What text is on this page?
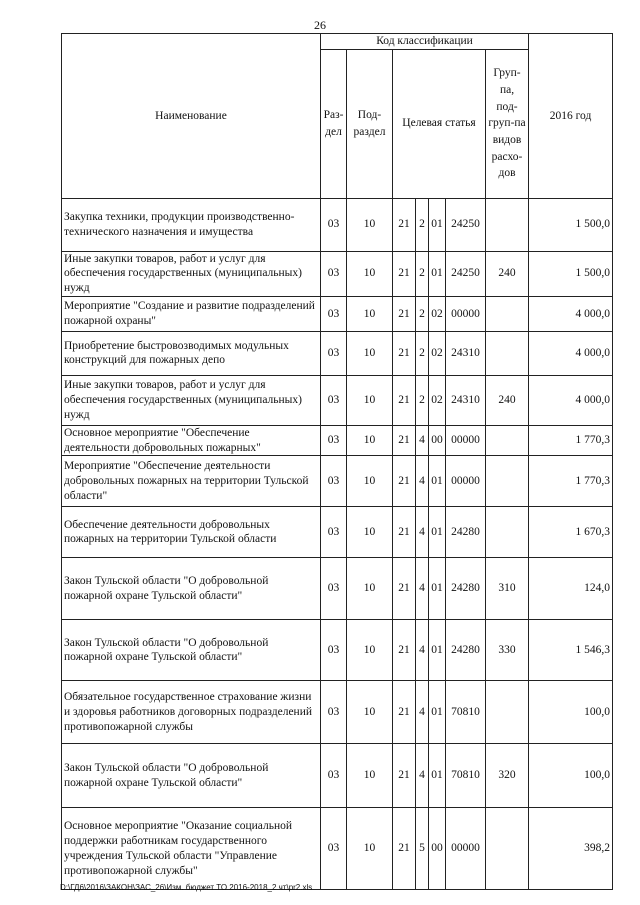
26
Наименование	Код классификации							2016 год
	Раз-дел	Под-раздел	Целевая статья				Груп-па, под-груп-па видов расхо-дов	
Закупка техники, продукции производственно-технического назначения и имущества	03	10	21	2	01	24250		1 500,0
Иные закупки товаров, работ и услуг для обеспечения государственных (муниципальных) нужд	03	10	21	2	01	24250	240	1 500,0
Мероприятие "Создание и развитие подразделений пожарной охраны"	03	10	21	2	02	00000		4 000,0
Приобретение быстровозводимых модульных конструкций для пожарных депо	03	10	21	2	02	24310		4 000,0
Иные закупки товаров, работ и услуг для обеспечения государственных (муниципальных) нужд	03	10	21	2	02	24310	240	4 000,0
Основное мероприятие "Обеспечение деятельности добровольных пожарных"	03	10	21	4	00	00000		1 770,3
Мероприятие "Обеспечение деятельности добровольных пожарных на территории Тульской области"	03	10	21	4	01	00000		1 770,3
Обеспечение деятельности добровольных пожарных на территории Тульской области	03	10	21	4	01	24280		1 670,3
Закон Тульской области "О добровольной пожарной охране Тульской области"	03	10	21	4	01	24280	310	124,0
Закон Тульской области "О добровольной пожарной охране Тульской области"	03	10	21	4	01	24280	330	1 546,3
Обязательное государственное страхование жизни и здоровья работников договорных подразделений противопожарной службы	03	10	21	4	01	70810		100,0
Закон Тульской области "О добровольной пожарной охране Тульской области"	03	10	21	4	01	70810	320	100,0
Основное мероприятие "Оказание социальной поддержки работникам государственного учреждения Тульской области "Управление противопожарной службы"	03	10	21	5	00	00000		398,2
D:\ГД6\2016\ЗАКОН\ЗАС_26\Изм. бюджет ТО 2016-2018_2 чт\pr2.xls
